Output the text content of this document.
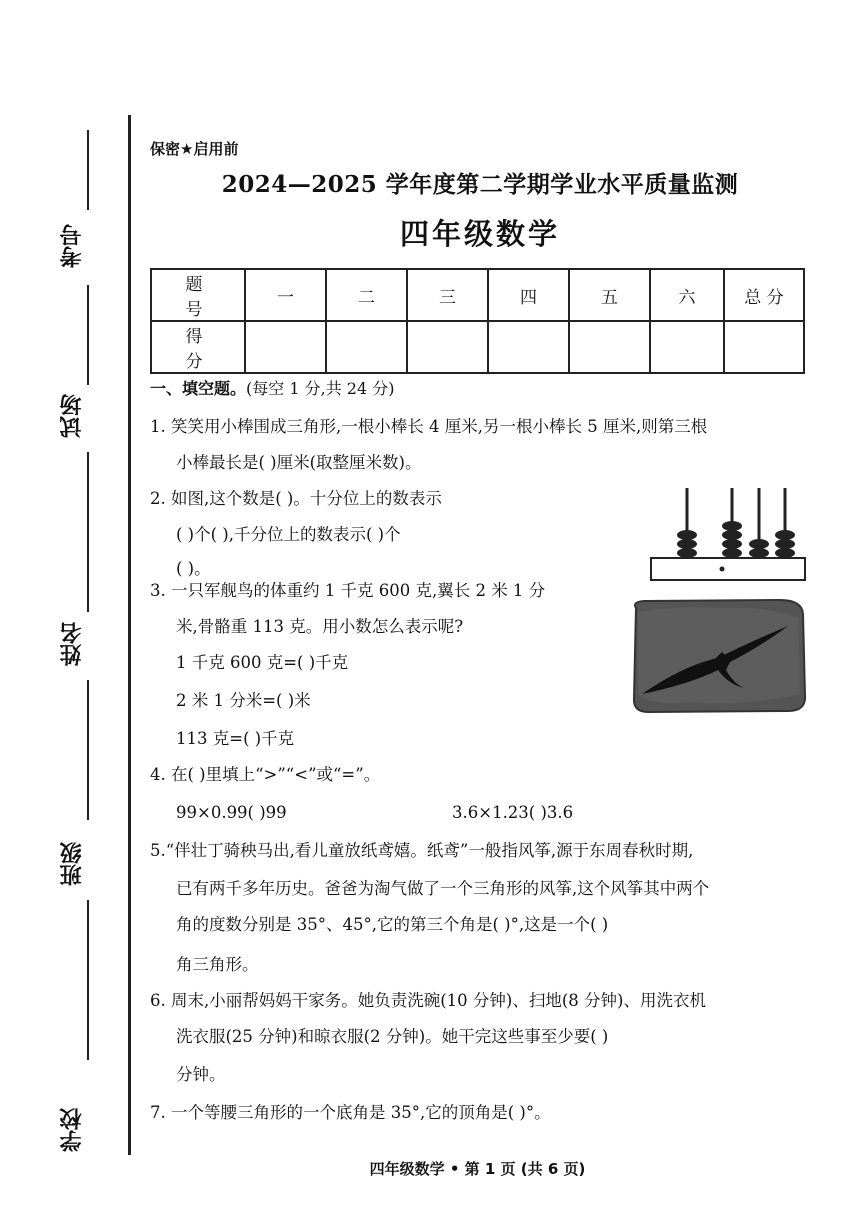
考号
试场
姓名
班级
学校
保密★启用前
2024—2025 学年度第二学期学业水平质量监测
四年级数学
题 号	一	二	三	四	五	六	总 分
得 分							
一、填空题。(每空 1 分,共 24 分)
1. 笑笑用小棒围成三角形,一根小棒长 4 厘米,另一根小棒长 5 厘米,则第三根
小棒最长是( )厘米(取整厘米数)。
2. 如图,这个数是( )。十分位上的数表示
( )个( ),千分位上的数表示( )个
( )。
3. 一只军舰鸟的体重约 1 千克 600 克,翼长 2 米 1 分
米,骨骼重 113 克。用小数怎么表示呢?
1 千克 600 克=( )千克
2 米 1 分米=( )米
113 克=( )千克
4. 在( )里填上“>”“<”或“=”。
99×0.99( )99	3.6×1.23( )3.6
5.“伴壮丁骑秧马出,看儿童放纸鸢嬉。纸鸢”一般指风筝,源于东周春秋时期,
已有两千多年历史。爸爸为淘气做了一个三角形的风筝,这个风筝其中两个
角的度数分别是 35°、45°,它的第三个角是( )°,这是一个( )
角三角形。
6. 周末,小丽帮妈妈干家务。她负责洗碗(10 分钟)、扫地(8 分钟)、用洗衣机
洗衣服(25 分钟)和晾衣服(2 分钟)。她干完这些事至少要( )
分钟。
7. 一个等腰三角形的一个底角是 35°,它的顶角是( )°。
四年级数学 • 第 1 页 (共 6 页)
